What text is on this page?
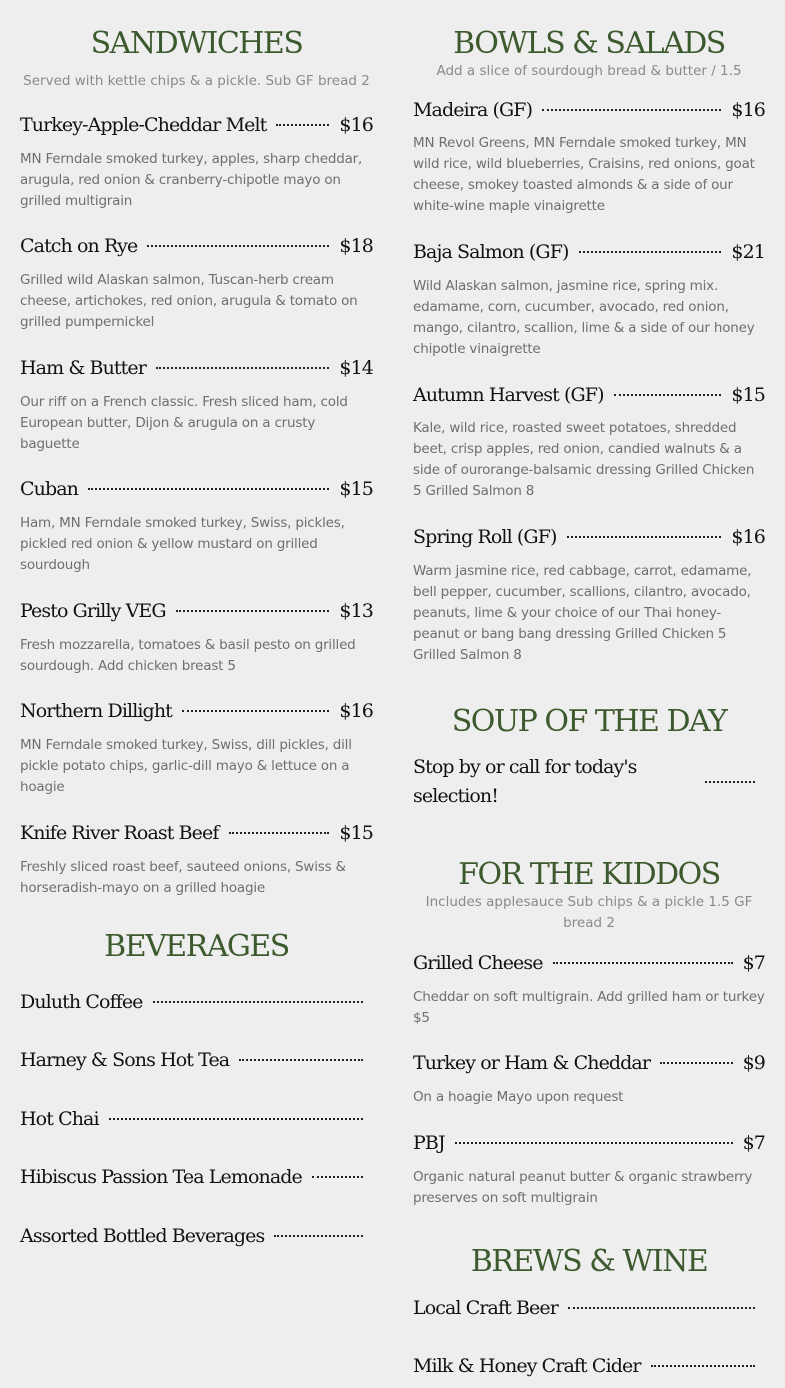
SANDWICHES

Served with kettle chips & a pickle. Sub GF bread 2

Turkey-Apple-Cheddar Melt	$16

MN Ferndale smoked turkey, apples, sharp cheddar, arugula, red onion & cranberry-chipotle mayo on grilled multigrain

Catch on Rye	$18

Grilled wild Alaskan salmon, Tuscan-herb cream cheese, artichokes, red onion, arugula & tomato on grilled pumpernickel

Ham & Butter	$14

Our riff on a French classic. Fresh sliced ham, cold European butter, Dijon & arugula on a crusty baguette

Cuban	$15

Ham, MN Ferndale smoked turkey, Swiss, pickles, pickled red onion & yellow mustard on grilled sourdough

Pesto Grilly VEG	$13

Fresh mozzarella, tomatoes & basil pesto on grilled sourdough. Add chicken breast 5

Northern Dillight	$16

MN Ferndale smoked turkey, Swiss, dill pickles, dill pickle potato chips, garlic-dill mayo & lettuce on a hoagie

Knife River Roast Beef	$15

Freshly sliced roast beef, sauteed onions, Swiss & horseradish-mayo on a grilled hoagie

BEVERAGES
Duluth Coffee
Harney & Sons Hot Tea
Hot Chai
Hibiscus Passion Tea Lemonade
Assorted Bottled Beverages
BOWLS & SALADS

Add a slice of sourdough bread & butter / 1.5

Madeira (GF)	$16

MN Revol Greens, MN Ferndale smoked turkey, MN wild rice, wild blueberries, Craisins, red onions, goat cheese, smokey toasted almonds & a side of our white-wine maple vinaigrette

Baja Salmon (GF)	$21

Wild Alaskan salmon, jasmine rice, spring mix. edamame, corn, cucumber, avocado, red onion, mango, cilantro, scallion, lime & a side of our honey chipotle vinaigrette

Autumn Harvest (GF)	$15

Kale, wild rice, roasted sweet potatoes, shredded beet, crisp apples, red onion, candied walnuts & a side of ourorange-balsamic dressing Grilled Chicken 5 Grilled Salmon 8

Spring Roll (GF)	$16

Warm jasmine rice, red cabbage, carrot, edamame, bell pepper, cucumber, scallions, cilantro, avocado, peanuts, lime & your choice of our Thai honey-peanut or bang bang dressing Grilled Chicken 5 Grilled Salmon 8

SOUP OF THE DAY
Stop by or call for today's selection!
FOR THE KIDDOS

Includes applesauce Sub chips & a pickle 1.5 GF bread 2

Grilled Cheese	$7

Cheddar on soft multigrain. Add grilled ham or turkey $5

Turkey or Ham & Cheddar	$9

On a hoagie Mayo upon request

PBJ	$7

Organic natural peanut butter & organic strawberry preserves on soft multigrain

BREWS & WINE
Local Craft Beer
Milk & Honey Craft Cider
